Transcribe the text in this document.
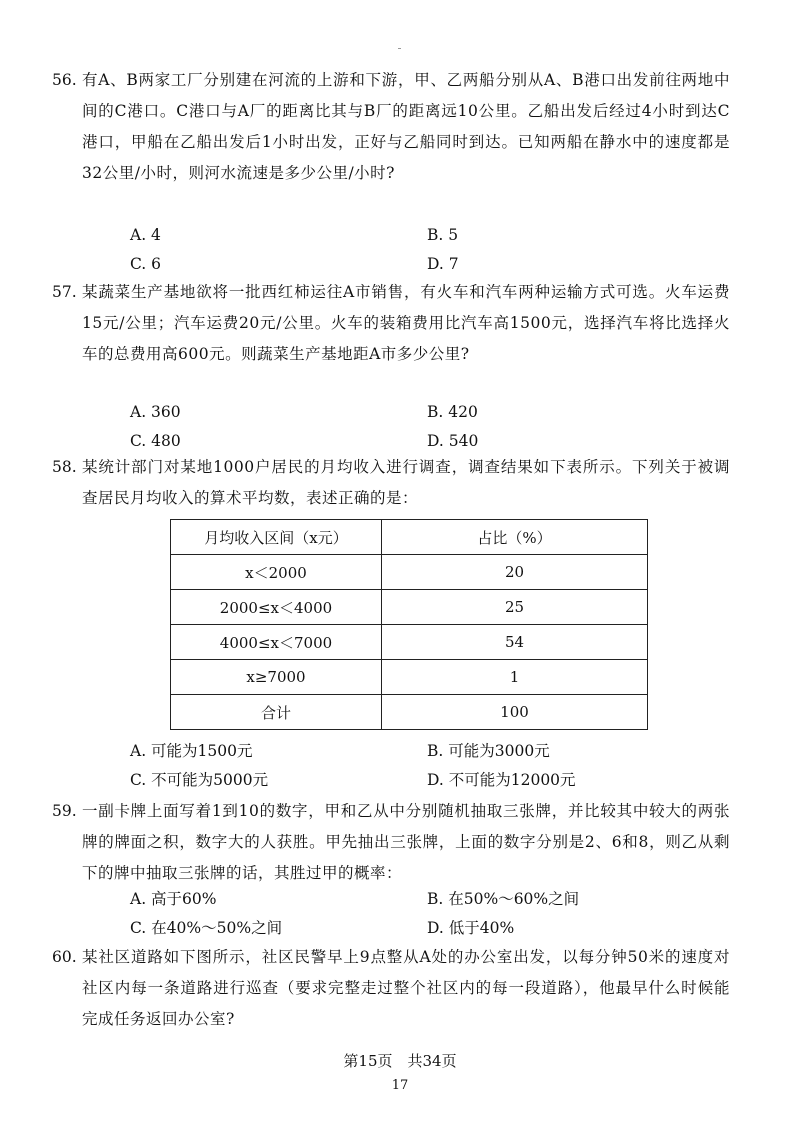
56. 有A、B两家工厂分别建在河流的上游和下游，甲、乙两船分别从A、B港口出发前往两地中间的C港口。C港口与A厂的距离比其与B厂的距离远10公里。乙船出发后经过4小时到达C港口，甲船在乙船出发后1小时出发，正好与乙船同时到达。已知两船在静水中的速度都是32公里/小时，则河水流速是多少公里/小时?
A. 4	B. 5
C. 6	D. 7
57. 某蔬菜生产基地欲将一批西红柿运往A市销售，有火车和汽车两种运输方式可选。火车运费15元/公里；汽车运费20元/公里。火车的装箱费用比汽车高1500元，选择汽车将比选择火车的总费用高600元。则蔬菜生产基地距A市多少公里?
A. 360	B. 420
C. 480	D. 540
58. 某统计部门对某地1000户居民的月均收入进行调查，调查结果如下表所示。下列关于被调查居民月均收入的算术平均数，表述正确的是：
月均收入区间（x元）	占比（%）
x＜2000	20
2000≤x＜4000	25
4000≤x＜7000	54
x≥7000	1
合计	100
A. 可能为1500元	B. 可能为3000元
C. 不可能为5000元	D. 不可能为12000元
59. 一副卡牌上面写着1到10的数字，甲和乙从中分别随机抽取三张牌，并比较其中较大的两张牌的牌面之积，数字大的人获胜。甲先抽出三张牌，上面的数字分别是2、6和8，则乙从剩下的牌中抽取三张牌的话，其胜过甲的概率：
A. 高于60%	B. 在50%～60%之间
C. 在40%～50%之间	D. 低于40%
60. 某社区道路如下图所示，社区民警早上9点整从A处的办公室出发，以每分钟50米的速度对社区内每一条道路进行巡查（要求完整走过整个社区内的每一段道路），他最早什么时候能完成任务返回办公室?
第15页　共34页
17
